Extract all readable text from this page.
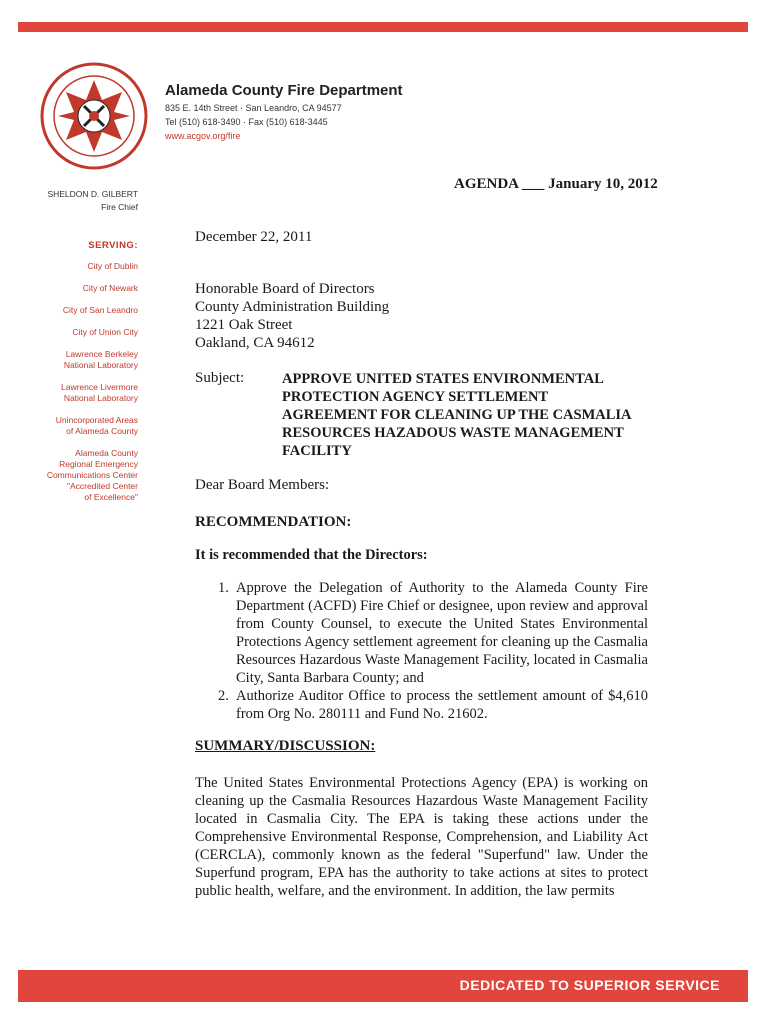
Alameda County Fire Department
835 E. 14th Street · San Leandro, CA 94577
Tel (510) 618-3490 · Fax (510) 618-3445
www.acgov.org/fire
SHELDON D. GILBERT
Fire Chief
SERVING:
City of Dublin
City of Newark
City of San Leandro
City of Union City
Lawrence Berkeley
National Laboratory
Lawrence Livermore
National Laboratory
Unincorporated Areas
of Alameda County
Alameda County
Regional Emergency
Communications Center
"Accredited Center
of Excellence"
AGENDA ___ January 10, 2012
December 22, 2011
Honorable Board of Directors
County Administration Building
1221 Oak Street
Oakland, CA 94612
Subject:	APPROVE UNITED STATES ENVIRONMENTAL PROTECTION AGENCY SETTLEMENT AGREEMENT FOR CLEANING UP THE CASMALIA RESOURCES HAZADOUS WASTE MANAGEMENT FACILITY
Dear Board Members:
RECOMMENDATION:
It is recommended that the Directors:
1. Approve the Delegation of Authority to the Alameda County Fire Department (ACFD) Fire Chief or designee, upon review and approval from County Counsel, to execute the United States Environmental Protections Agency settlement agreement for cleaning up the Casmalia Resources Hazardous Waste Management Facility, located in Casmalia City, Santa Barbara County; and
2. Authorize Auditor Office to process the settlement amount of $4,610 from Org No. 280111 and Fund No. 21602.
SUMMARY/DISCUSSION:
The United States Environmental Protections Agency (EPA) is working on cleaning up the Casmalia Resources Hazardous Waste Management Facility located in Casmalia City. The EPA is taking these actions under the Comprehensive Environmental Response, Comprehension, and Liability Act (CERCLA), commonly known as the federal "Superfund" law. Under the Superfund program, EPA has the authority to take actions at sites to protect public health, welfare, and the environment. In addition, the law permits
DEDICATED TO SUPERIOR SERVICE
